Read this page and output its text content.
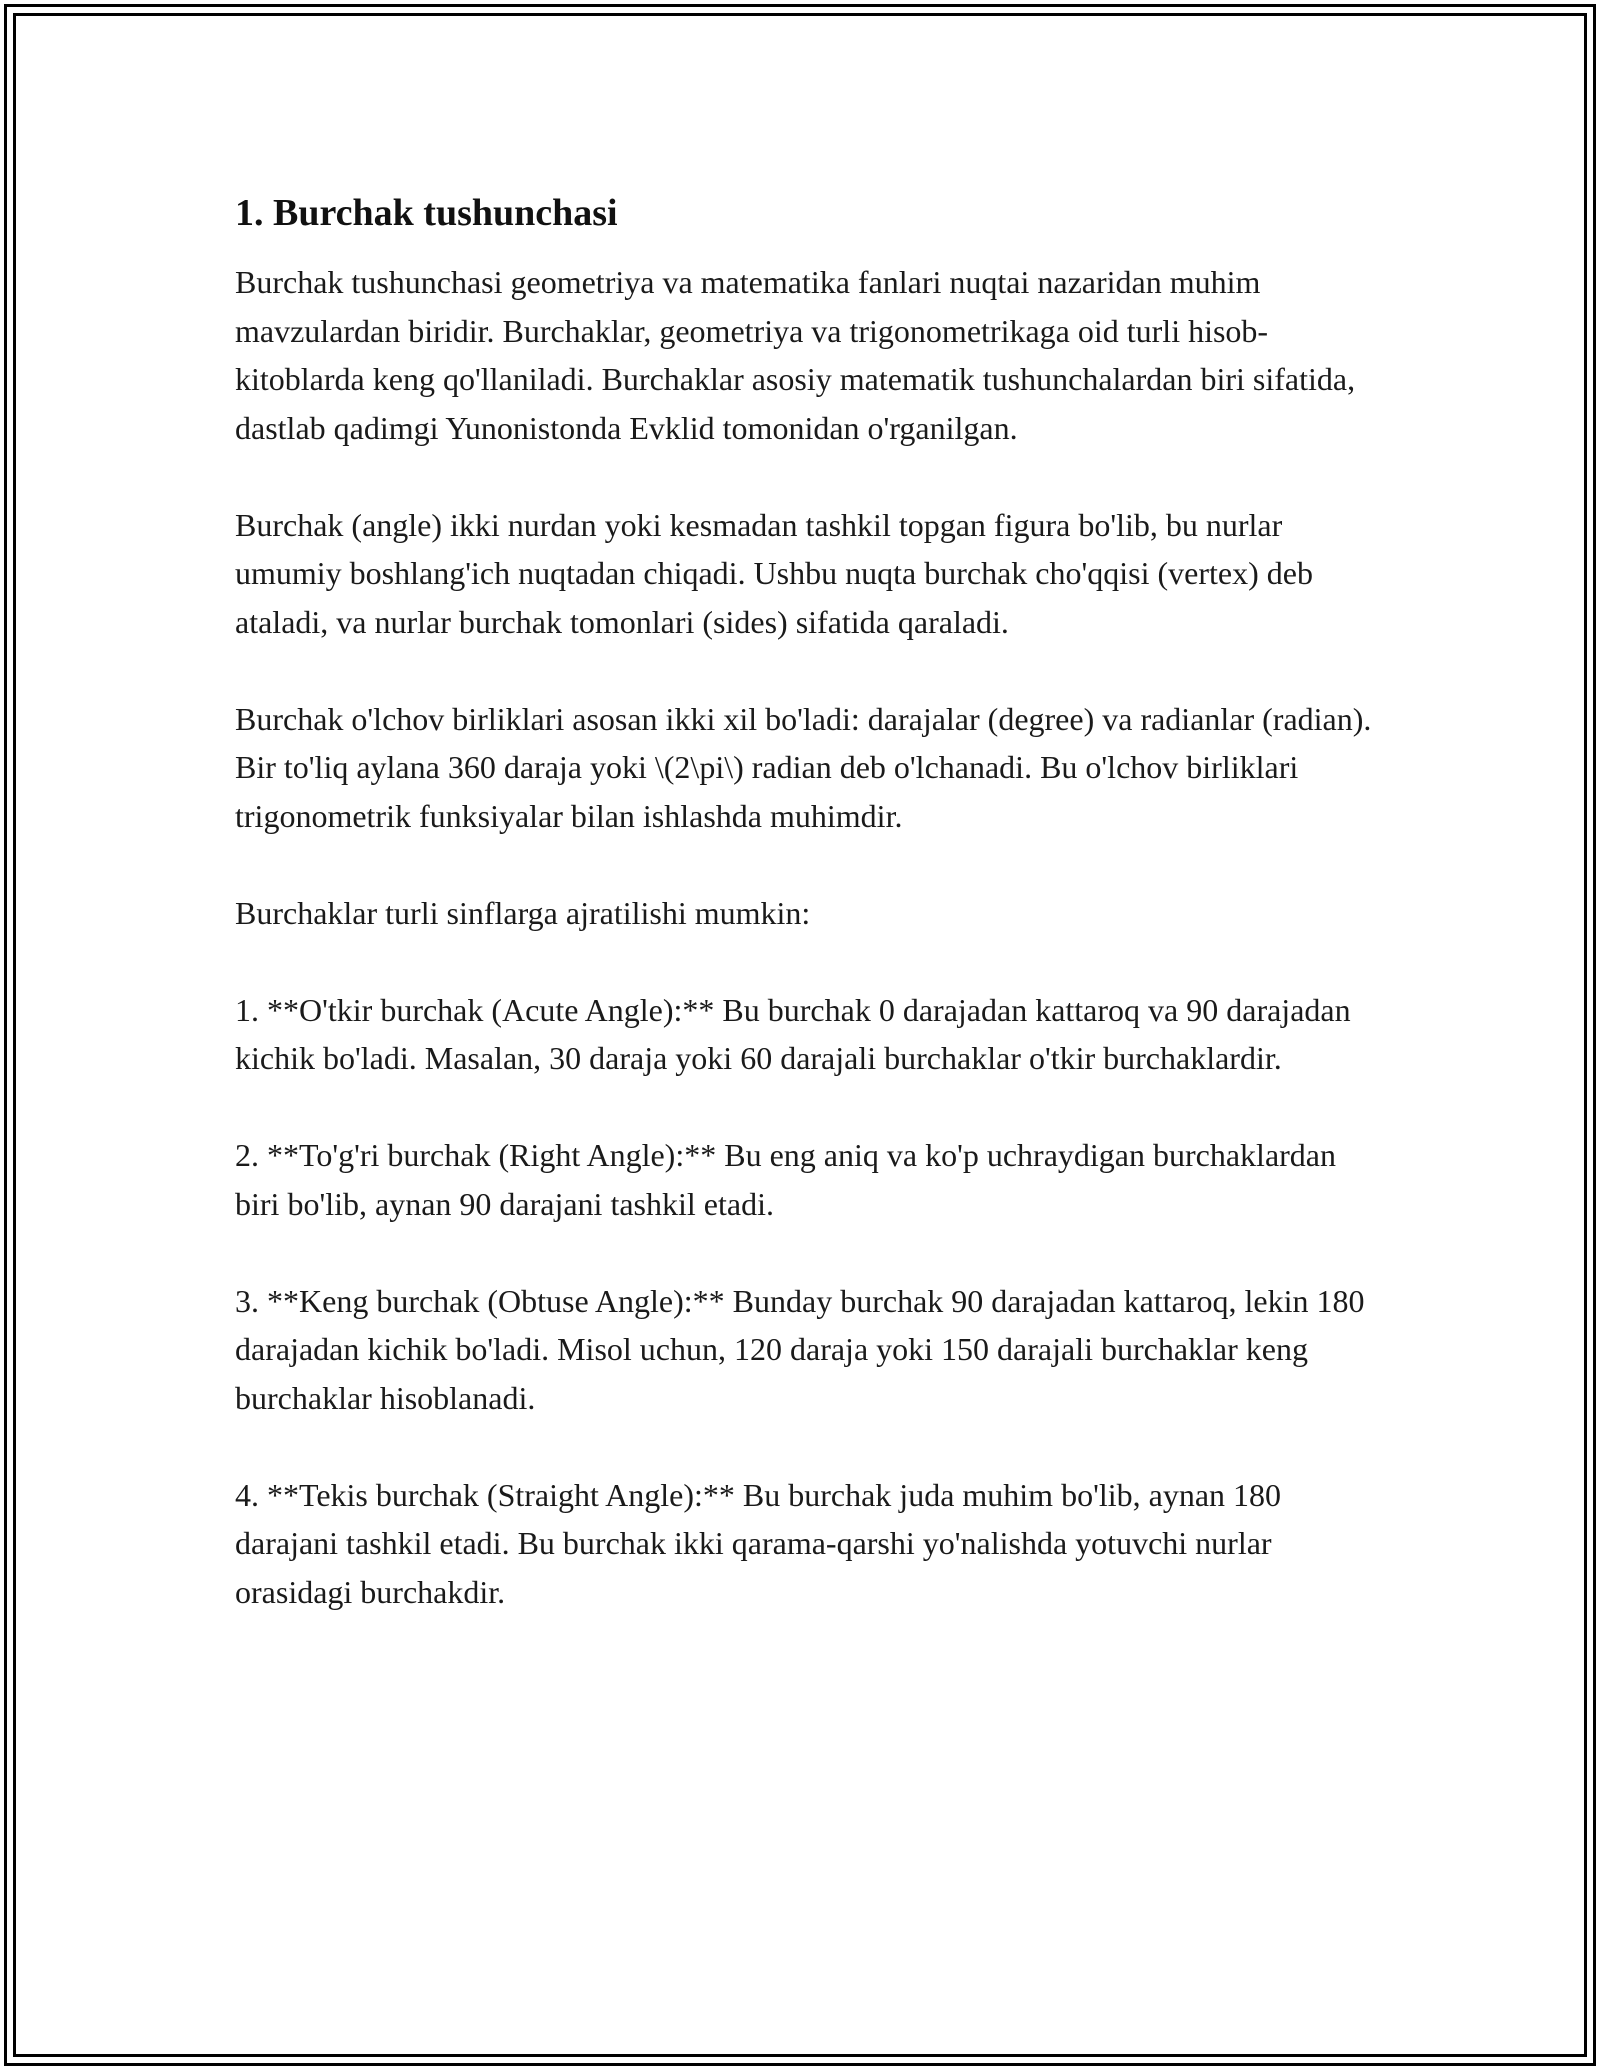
1. Burchak tushunchasi

Burchak tushunchasi geometriya va matematika fanlari nuqtai nazaridan muhim mavzulardan biridir. Burchaklar, geometriya va trigonometrikaga oid turli hisob-kitoblarda keng qo'llaniladi. Burchaklar asosiy matematik tushunchalardan biri sifatida, dastlab qadimgi Yunonistonda Evklid tomonidan o'rganilgan.

Burchak (angle) ikki nurdan yoki kesmadan tashkil topgan figura bo'lib, bu nurlar umumiy boshlang'ich nuqtadan chiqadi. Ushbu nuqta burchak cho'qqisi (vertex) deb ataladi, va nurlar burchak tomonlari (sides) sifatida qaraladi.

Burchak o'lchov birliklari asosan ikki xil bo'ladi: darajalar (degree) va radianlar (radian). Bir to'liq aylana 360 daraja yoki \(2\pi\) radian deb o'lchanadi. Bu o'lchov birliklari trigonometrik funksiyalar bilan ishlashda muhimdir.

Burchaklar turli sinflarga ajratilishi mumkin:

1. **O'tkir burchak (Acute Angle):** Bu burchak 0 darajadan kattaroq va 90 darajadan kichik bo'ladi. Masalan, 30 daraja yoki 60 darajali burchaklar o'tkir burchaklardir.

2. **To'g'ri burchak (Right Angle):** Bu eng aniq va ko'p uchraydigan burchaklardan biri bo'lib, aynan 90 darajani tashkil etadi.

3. **Keng burchak (Obtuse Angle):** Bunday burchak 90 darajadan kattaroq, lekin 180 darajadan kichik bo'ladi. Misol uchun, 120 daraja yoki 150 darajali burchaklar keng burchaklar hisoblanadi.

4. **Tekis burchak (Straight Angle):** Bu burchak juda muhim bo'lib, aynan 180 darajani tashkil etadi. Bu burchak ikki qarama-qarshi yo'nalishda yotuvchi nurlar orasidagi burchakdir.
